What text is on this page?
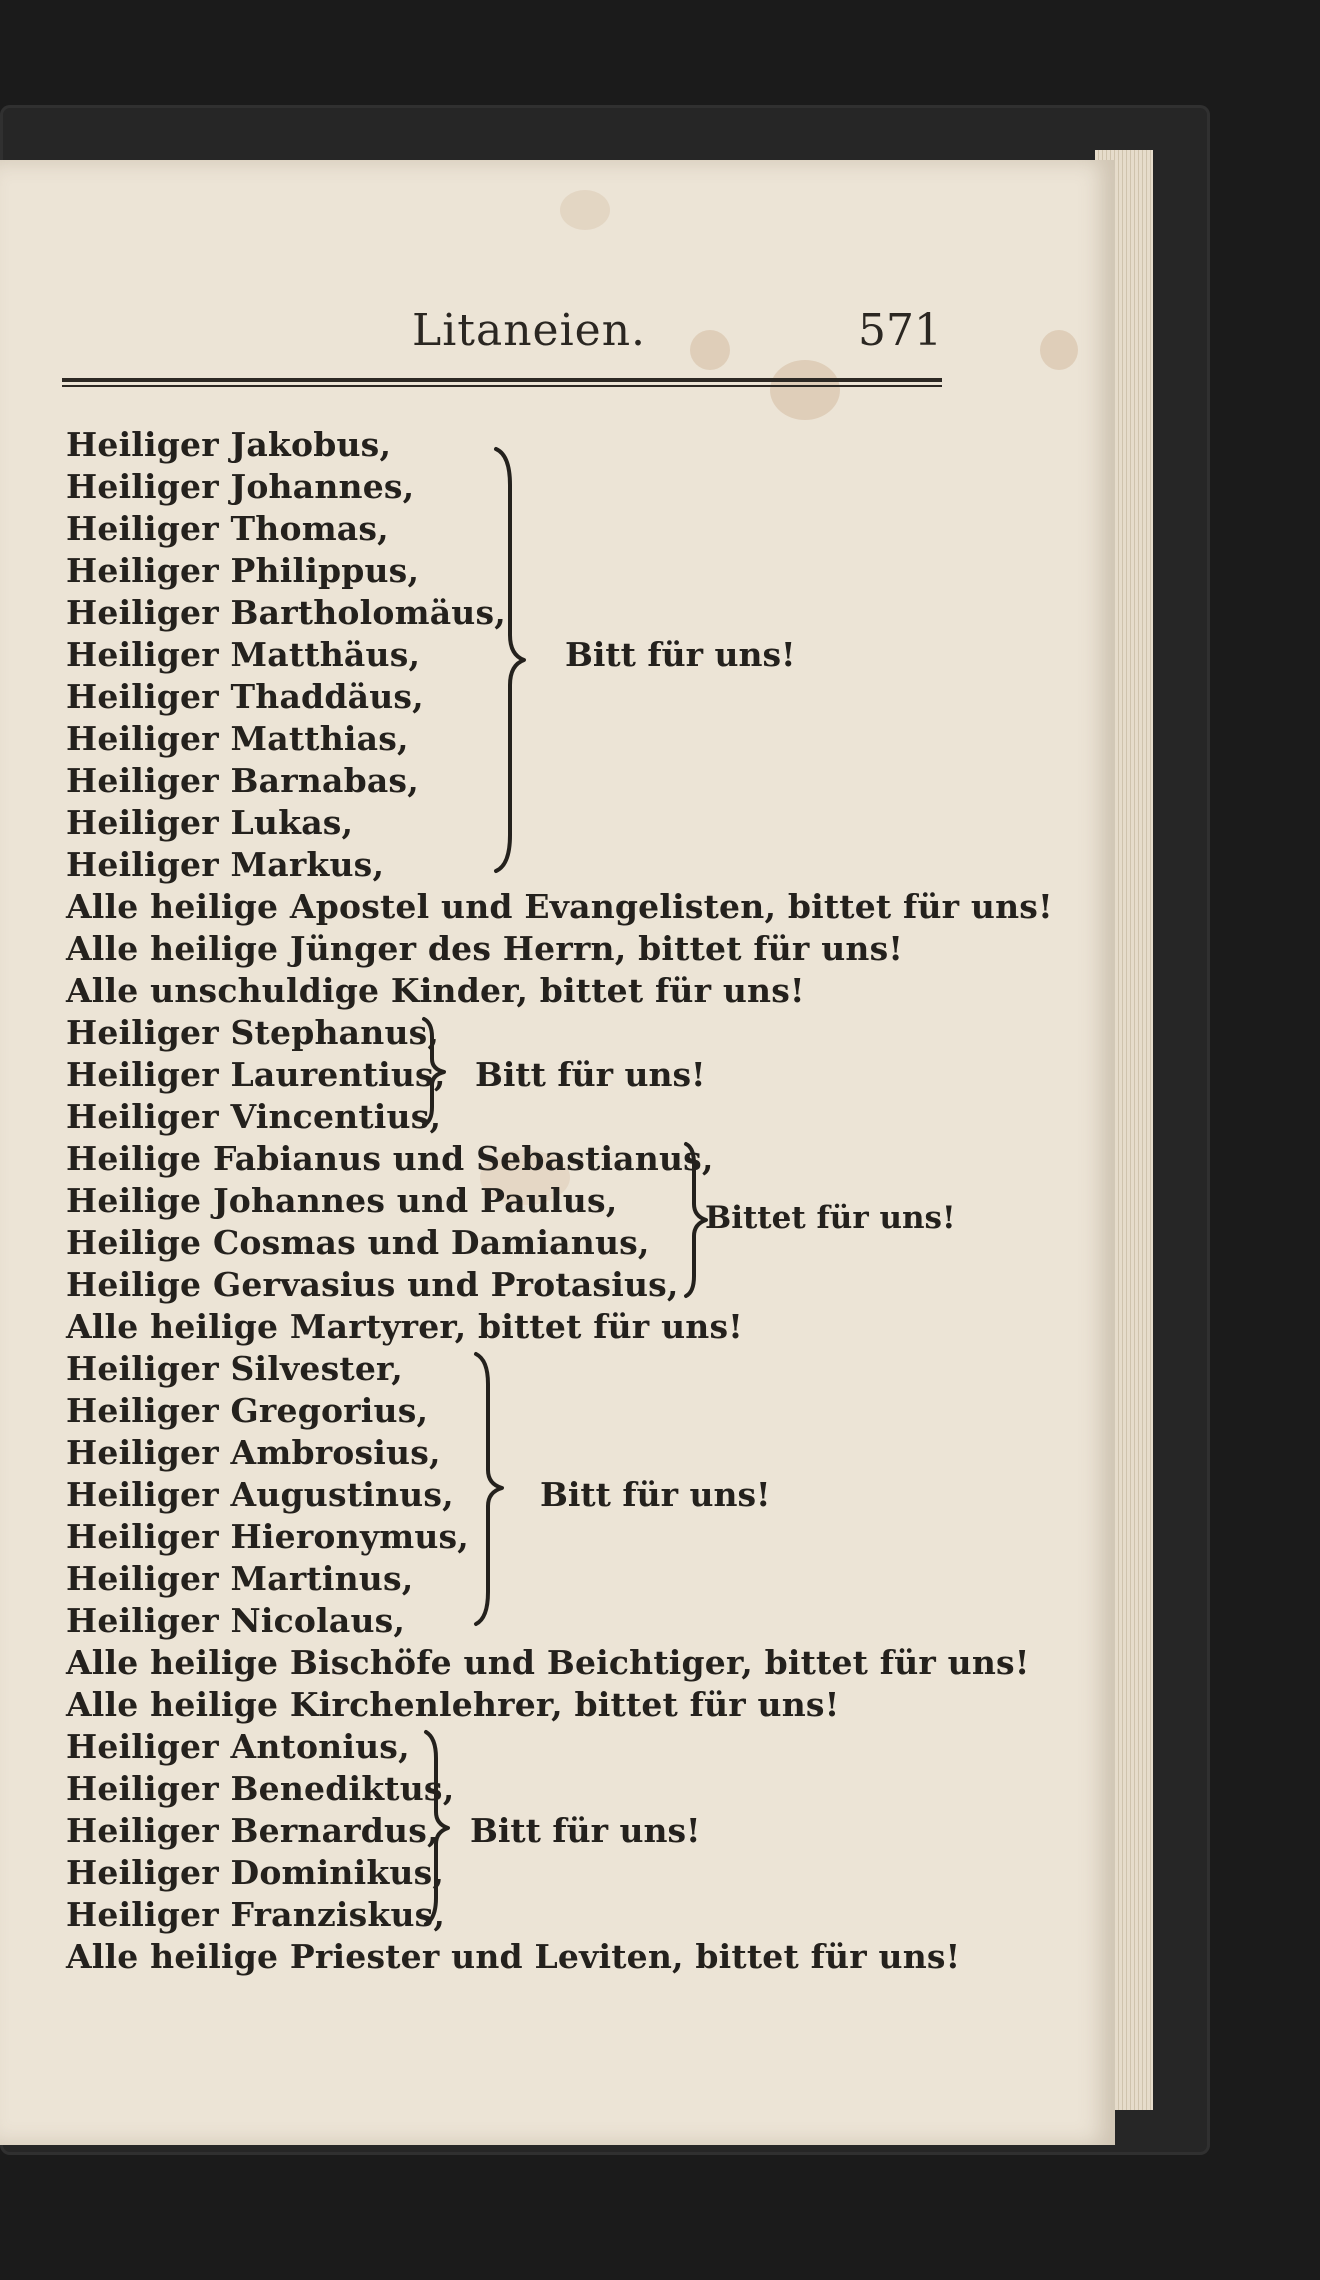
Litaneien.	571
Heiliger Jakobus,
Heiliger Johannes,
Heiliger Thomas,
Heiliger Philippus,
Heiliger Bartholomäus,
Heiliger Matthäus,
Heiliger Thaddäus,
Heiliger Matthias,
Heiliger Barnabas,
Heiliger Lukas,
Heiliger Markus,
Bitt für uns!
Alle heilige Apostel und Evangelisten, bittet für uns!
Alle heilige Jünger des Herrn, bittet für uns!
Alle unschuldige Kinder, bittet für uns!
Heiliger Stephanus,
Heiliger Laurentius,
Heiliger Vincentius,
Bitt für uns!
Heilige Fabianus und Sebastianus,
Heilige Johannes und Paulus,
Heilige Cosmas und Damianus,
Heilige Gervasius und Protasius,
Bittet für uns!
Alle heilige Martyrer, bittet für uns!
Heiliger Silvester,
Heiliger Gregorius,
Heiliger Ambrosius,
Heiliger Augustinus,
Heiliger Hieronymus,
Heiliger Martinus,
Heiliger Nicolaus,
Bitt für uns!
Alle heilige Bischöfe und Beichtiger, bittet für uns!
Alle heilige Kirchenlehrer, bittet für uns!
Heiliger Antonius,
Heiliger Benediktus,
Heiliger Bernardus,
Heiliger Dominikus,
Heiliger Franziskus,
Bitt für uns!
Alle heilige Priester und Leviten, bittet für uns!
